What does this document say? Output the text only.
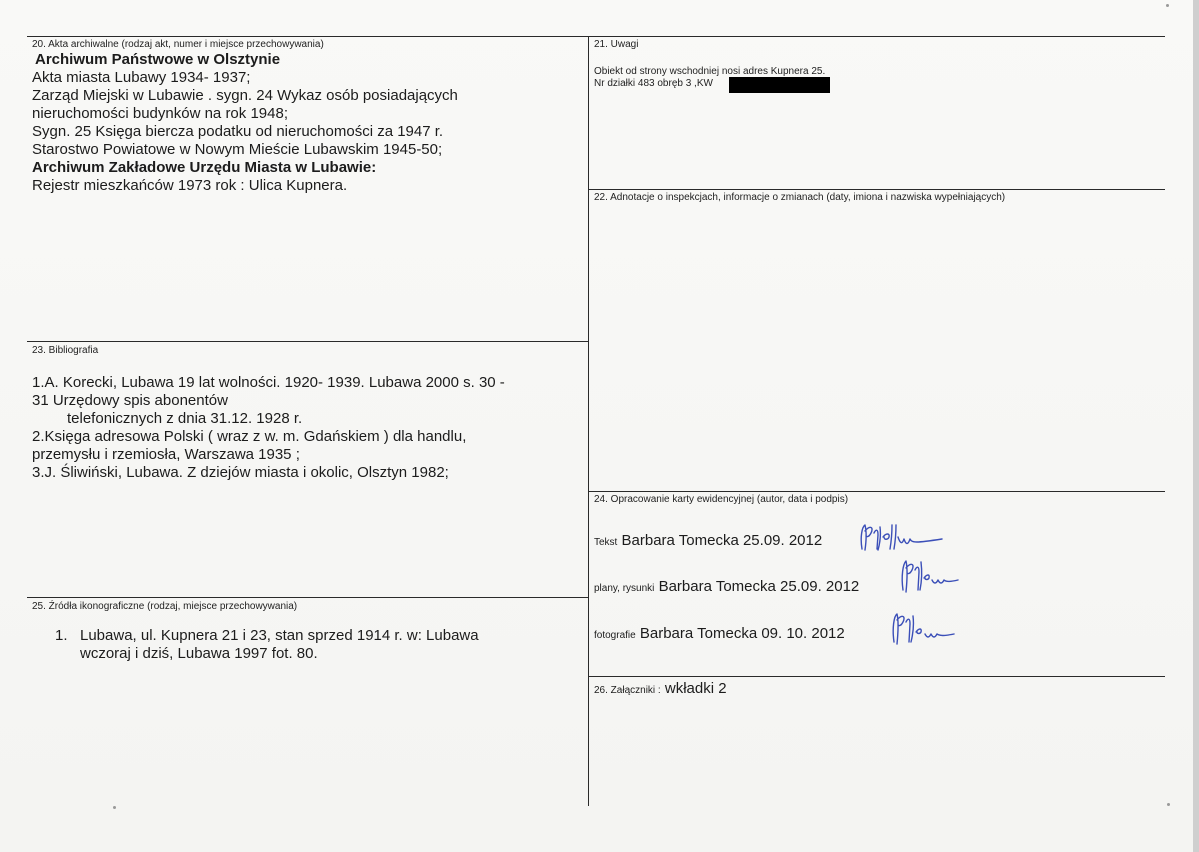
20. Akta archiwalne (rodzaj akt, numer i miejsce przechowywania)
Archiwum Państwowe w Olsztynie
Akta miasta Lubawy 1934- 1937;
Zarząd Miejski w Lubawie . sygn. 24 Wykaz osób posiadających
nieruchomości budynków na rok 1948;
Sygn. 25 Księga biercza podatku od nieruchomości za 1947 r.
Starostwo Powiatowe w Nowym Mieście Lubawskim 1945-50;
Archiwum Zakładowe Urzędu Miasta w Lubawie:
Rejestr mieszkańców 1973 rok : Ulica Kupnera.
21. Uwagi
Obiekt od strony wschodniej nosi adres Kupnera 25.
Nr działki 483 obręb 3 ,KW
22. Adnotacje o inspekcjach, informacje o zmianach (daty, imiona i nazwiska wypełniających)
23. Bibliografia
1.A. Korecki, Lubawa 19 lat wolności. 1920- 1939. Lubawa 2000 s. 30 -
31 Urzędowy spis abonentów
telefonicznych z dnia 31.12. 1928 r.
2.Księga adresowa Polski ( wraz z w. m. Gdańskiem ) dla handlu,
przemysłu i rzemiosła, Warszawa 1935 ;
3.J. Śliwiński, Lubawa. Z dziejów miasta i okolic, Olsztyn 1982;
24. Opracowanie karty ewidencyjnej (autor, data i podpis)
Tekst Barbara Tomecka 25.09. 2012
plany, rysunki Barbara Tomecka 25.09. 2012
fotografie Barbara Tomecka 09. 10. 2012
25. Źródła ikonograficzne (rodzaj, miejsce przechowywania)
1. Lubawa, ul. Kupnera 21 i 23, stan sprzed 1914 r. w: Lubawa
wczoraj i dziś, Lubawa 1997 fot. 80.
26. Załączniki : wkładki 2
